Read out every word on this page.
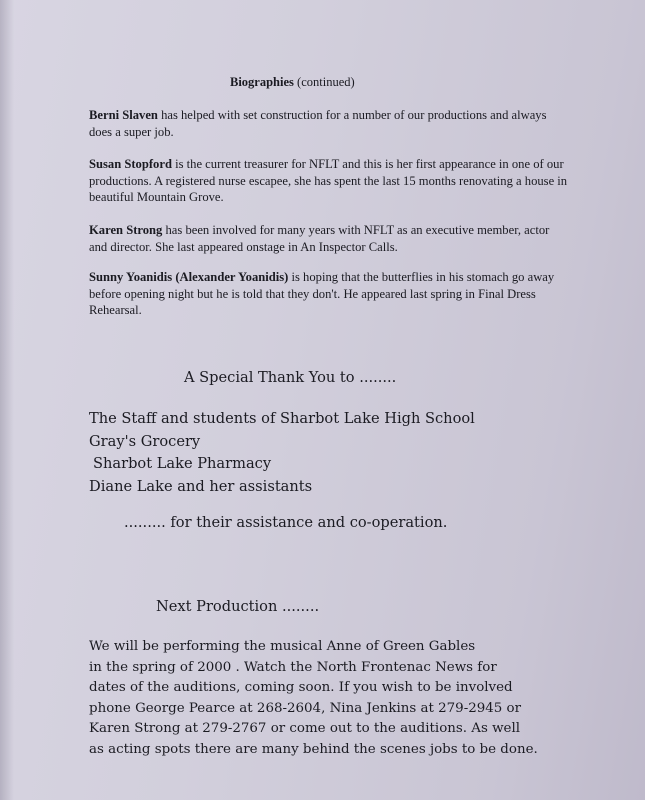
Biographies (continued)
Berni Slaven has helped with set construction for a number of our productions and always does a super job.
Susan Stopford is the current treasurer for NFLT and this is her first appearance in one of our productions. A registered nurse escapee, she has spent the last 15 months renovating a house in beautiful Mountain Grove.
Karen Strong has been involved for many years with NFLT as an executive member, actor and director. She last appeared onstage in An Inspector Calls.
Sunny Yoanidis (Alexander Yoanidis) is hoping that the butterflies in his stomach go away before opening night but he is told that they don't. He appeared last spring in Final Dress Rehearsal.
A Special Thank You to ........
The Staff and students of Sharbot Lake High School
Gray's Grocery
Sharbot Lake Pharmacy
Diane Lake and her assistants
......... for their assistance and co-operation.
Next Production ........
We will be performing the musical Anne of Green Gables
in the spring of 2000 . Watch the North Frontenac News for
dates of the auditions, coming soon. If you wish to be involved
phone George Pearce at 268-2604, Nina Jenkins at 279-2945 or
Karen Strong at 279-2767 or come out to the auditions. As well
as acting spots there are many behind the scenes jobs to be done.
